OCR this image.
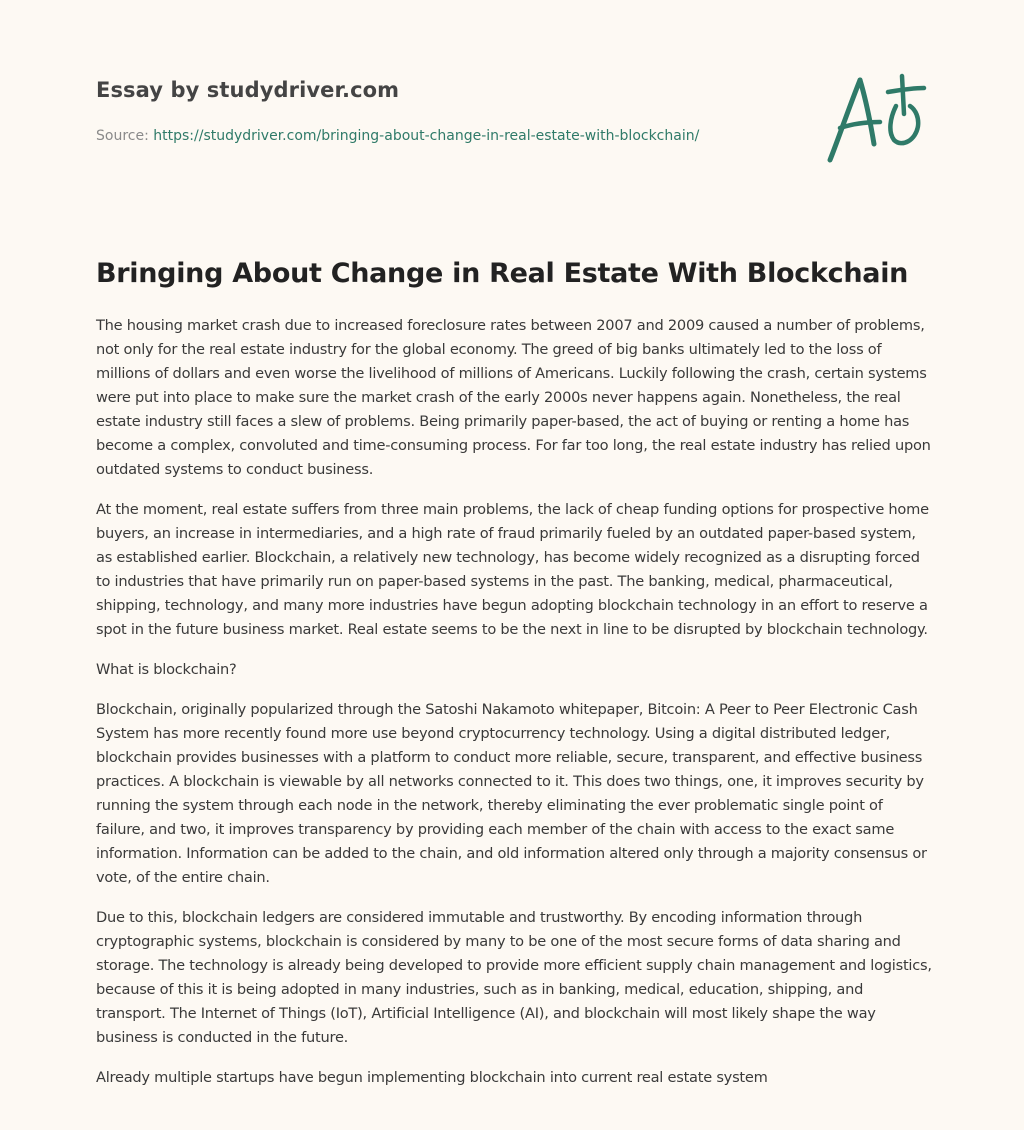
Essay by studydriver.com
Source: https://studydriver.com/bringing-about-change-in-real-estate-with-blockchain/
Bringing About Change in Real Estate With Blockchain

The housing market crash due to increased foreclosure rates between 2007 and 2009 caused a number of problems, not only for the real estate industry for the global economy. The greed of big banks ultimately led to the loss of millions of dollars and even worse the livelihood of millions of Americans. Luckily following the crash, certain systems were put into place to make sure the market crash of the early 2000s never happens again. Nonetheless, the real estate industry still faces a slew of problems. Being primarily paper-based, the act of buying or renting a home has become a complex, convoluted and time-consuming process. For far too long, the real estate industry has relied upon outdated systems to conduct business.

At the moment, real estate suffers from three main problems, the lack of cheap funding options for prospective home buyers, an increase in intermediaries, and a high rate of fraud primarily fueled by an outdated paper-based system, as established earlier. Blockchain, a relatively new technology, has become widely recognized as a disrupting forced to industries that have primarily run on paper-based systems in the past. The banking, medical, pharmaceutical, shipping, technology, and many more industries have begun adopting blockchain technology in an effort to reserve a spot in the future business market. Real estate seems to be the next in line to be disrupted by blockchain technology.

What is blockchain?

Blockchain, originally popularized through the Satoshi Nakamoto whitepaper, Bitcoin: A Peer to Peer Electronic Cash System has more recently found more use beyond cryptocurrency technology. Using a digital distributed ledger, blockchain provides businesses with a platform to conduct more reliable, secure, transparent, and effective business practices. A blockchain is viewable by all networks connected to it. This does two things, one, it improves security by running the system through each node in the network, thereby eliminating the ever problematic single point of failure, and two, it improves transparency by providing each member of the chain with access to the exact same information. Information can be added to the chain, and old information altered only through a majority consensus or vote, of the entire chain.

Due to this, blockchain ledgers are considered immutable and trustworthy. By encoding information through cryptographic systems, blockchain is considered by many to be one of the most secure forms of data sharing and storage. The technology is already being developed to provide more efficient supply chain management and logistics, because of this it is being adopted in many industries, such as in banking, medical, education, shipping, and transport. The Internet of Things (IoT), Artificial Intelligence (AI), and blockchain will most likely shape the way business is conducted in the future.

Already multiple startups have begun implementing blockchain into current real estate system
